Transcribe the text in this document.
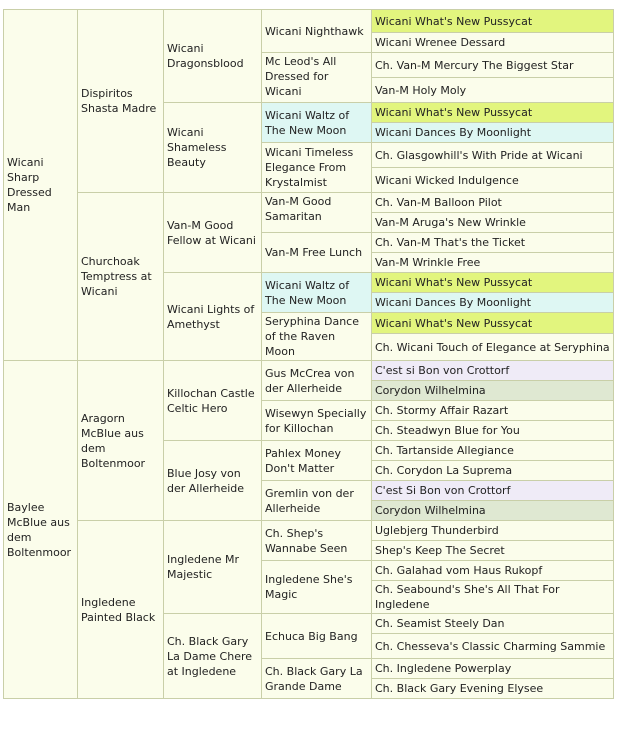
Wicani Sharp Dressed Man	Dispiritos Shasta Madre	Wicani Dragonsblood	Wicani Nighthawk	Wicani What's New Pussycat
				Wicani Wrenee Dessard
			Mc Leod's All Dressed for Wicani	Ch. Van-M Mercury The Biggest Star
				Van-M Holy Moly
		Wicani Shameless Beauty	Wicani Waltz of The New Moon	Wicani What's New Pussycat
				Wicani Dances By Moonlight
			Wicani Timeless Elegance From Krystalmist	Ch. Glasgowhill's With Pride at Wicani
				Wicani Wicked Indulgence
	Churchoak Temptress at Wicani	Van-M Good Fellow at Wicani	Van-M Good Samaritan	Ch. Van-M Balloon Pilot
				Van-M Aruga's New Wrinkle
			Van-M Free Lunch	Ch. Van-M That's the Ticket
				Van-M Wrinkle Free
		Wicani Lights of Amethyst	Wicani Waltz of The New Moon	Wicani What's New Pussycat
				Wicani Dances By Moonlight
			Seryphina Dance of the Raven Moon	Wicani What's New Pussycat
				Ch. Wicani Touch of Elegance at Seryphina
Baylee McBlue aus dem Boltenmoor	Aragorn McBlue aus dem Boltenmoor	Killochan Castle Celtic Hero	Gus McCrea von der Allerheide	C'est si Bon von Crottorf
				Corydon Wilhelmina
			Wisewyn Specially for Killochan	Ch. Stormy Affair Razart
				Ch. Steadwyn Blue for You
		Blue Josy von der Allerheide	Pahlex Money Don't Matter	Ch. Tartanside Allegiance
				Ch. Corydon La Suprema
			Gremlin von der Allerheide	C'est Si Bon von Crottorf
				Corydon Wilhelmina
	Ingledene Painted Black	Ingledene Mr Majestic	Ch. Shep's Wannabe Seen	Uglebjerg Thunderbird
				Shep's Keep The Secret
			Ingledene She's Magic	Ch. Galahad vom Haus Rukopf
				Ch. Seabound's She's All That For Ingledene
		Ch. Black Gary La Dame Chere at Ingledene	Echuca Big Bang	Ch. Seamist Steely Dan
				Ch. Chesseva's Classic Charming Sammie
			Ch. Black Gary La Grande Dame	Ch. Ingledene Powerplay
				Ch. Black Gary Evening Elysee
